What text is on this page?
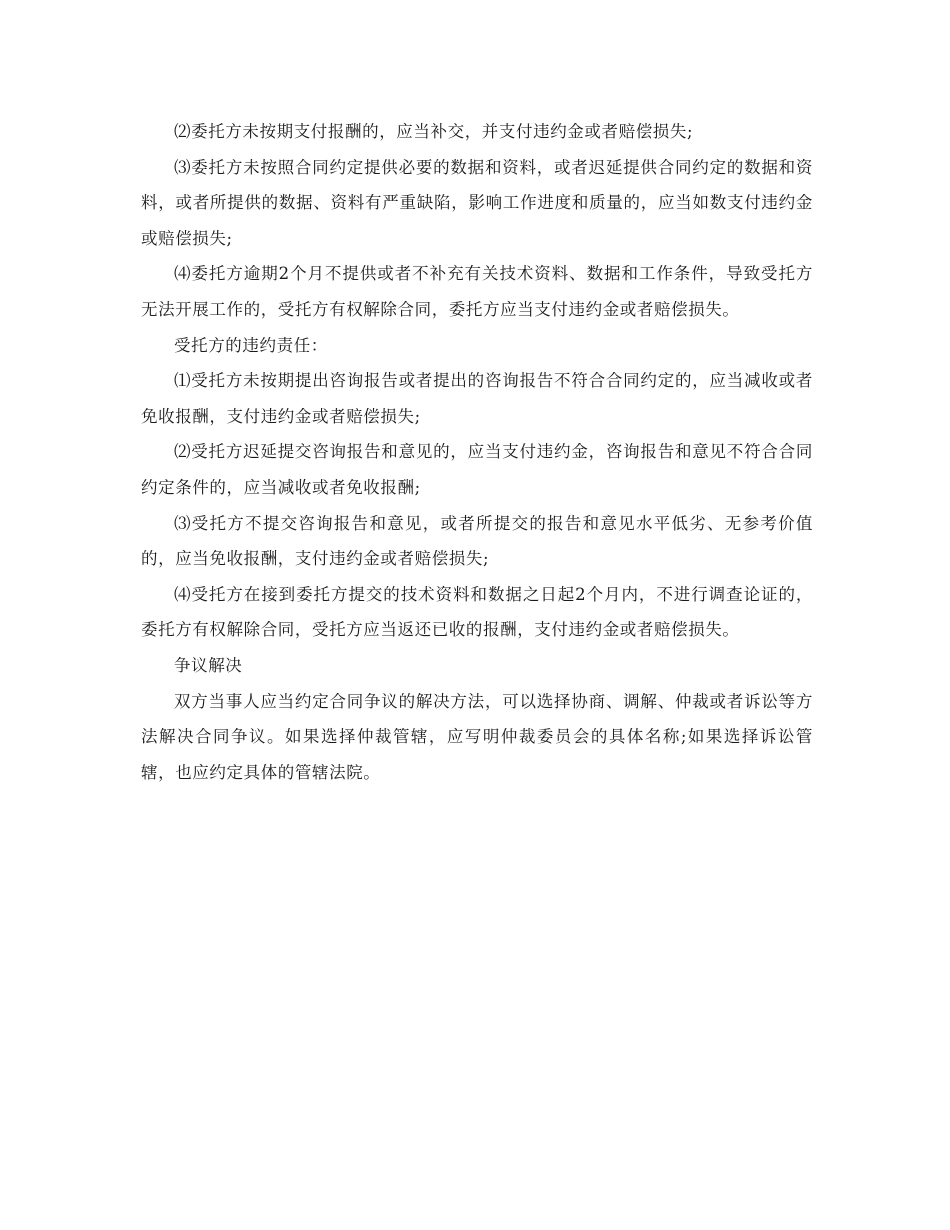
⑵委托方未按期支付报酬的，应当补交，并支付违约金或者赔偿损失;

⑶委托方未按照合同约定提供必要的数据和资料，或者迟延提供合同约定的数据和资料，或者所提供的数据、资料有严重缺陷，影响工作进度和质量的，应当如数支付违约金或赔偿损失;

⑷委托方逾期2个月不提供或者不补充有关技术资料、数据和工作条件，导致受托方无法开展工作的，受托方有权解除合同，委托方应当支付违约金或者赔偿损失。

受托方的违约责任：

⑴受托方未按期提出咨询报告或者提出的咨询报告不符合合同约定的，应当减收或者免收报酬，支付违约金或者赔偿损失;

⑵受托方迟延提交咨询报告和意见的，应当支付违约金，咨询报告和意见不符合合同约定条件的，应当减收或者免收报酬;

⑶受托方不提交咨询报告和意见，或者所提交的报告和意见水平低劣、无参考价值的，应当免收报酬，支付违约金或者赔偿损失;

⑷受托方在接到委托方提交的技术资料和数据之日起2个月内，不进行调查论证的，委托方有权解除合同，受托方应当返还已收的报酬，支付违约金或者赔偿损失。

争议解决

双方当事人应当约定合同争议的解决方法，可以选择协商、调解、仲裁或者诉讼等方法解决合同争议。如果选择仲裁管辖，应写明仲裁委员会的具体名称;如果选择诉讼管辖，也应约定具体的管辖法院。
